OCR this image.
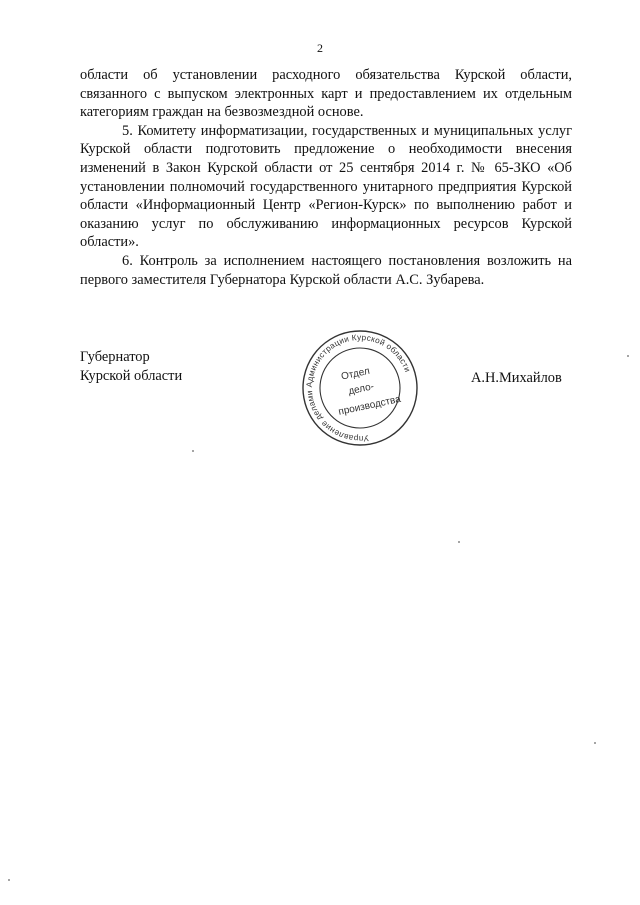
2

области об установлении расходного обязательства Курской области, связанного с выпуском электронных карт и предоставлением их отдельным категориям граждан на безвозмездной основе.

5. Комитету информатизации, государственных и муниципальных услуг Курской области подготовить предложение о необходимости внесения изменений в Закон Курской области от 25 сентября 2014 г. № 65-ЗКО «Об установлении полномочий государственного унитарного предприятия Курской области «Информационный Центр «Регион-Курск» по выполнению работ и оказанию услуг по обслуживанию информационных ресурсов Курской области».

6. Контроль за исполнением настоящего постановления возложить на первого заместителя Губернатора Курской области А.С. Зубарева.

Губернатор
Курской области
Управление делами Администрации Курской области
Отдел
дело-
производства
А.Н.Михайлов
